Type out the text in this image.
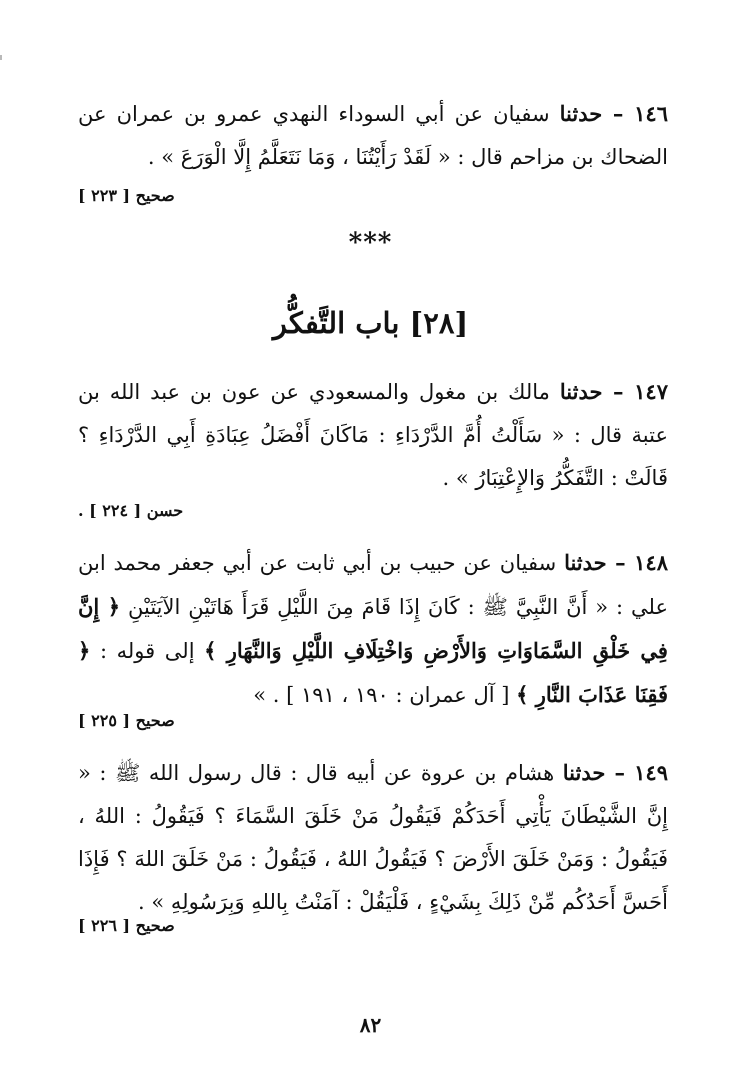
١٤٦ – حدثنا سفيان عن أبي السوداء النهدي عمرو بن عمران عن الضحاك بن مزاحم قال : « لَقَدْ رَأَيْتُنَا ، وَمَا نَتَعَلَّمُ إِلَّا الْوَرَعَ » .
صحيح [ ٢٢٣ ]
***
[٢٨] باب التَّفكُّر
١٤٧ – حدثنا مالك بن مغول والمسعودي عن عون بن عبد الله بن عتبة قال : « سَأَلْتُ أُمَّ الدَّرْدَاءِ : مَاكَانَ أَفْضَلُ عِبَادَةِ أَبِي الدَّرْدَاءِ ؟ قَالَتْ : التَّفَكُّرُ وَالإِعْتِبَارُ » .
حسن [ ٢٢٤ ] .
١٤٨ – حدثنا سفيان عن حبيب بن أبي ثابت عن أبي جعفر محمد ابن علي : « أَنَّ النَّبِيَّ ﷺ : كَانَ إِذَا قَامَ مِنَ اللَّيْلِ قَرَأَ هَاتَيْنِ الآيَتَيْنِ ﴿ إِنَّ فِي خَلْقِ السَّمَاوَاتِ وَالأَرْضِ وَاخْتِلَافِ اللَّيْلِ وَالنَّهَارِ ﴾ إلى قوله : ﴿ فَقِنَا عَذَابَ النَّارِ ﴾ [ آل عمران : ١٩٠ ، ١٩١ ] . »
صحيح [ ٢٢٥ ]
١٤٩ – حدثنا هشام بن عروة عن أبيه قال : قال رسول الله ﷺ : « إِنَّ الشَّيْطَانَ يَأْتِي أَحَدَكُمْ فَيَقُولُ مَنْ خَلَقَ السَّمَاءَ ؟ فَيَقُولُ : اللهُ ، فَيَقُولُ : وَمَنْ خَلَقَ الأَرْضَ ؟ فَيَقُولُ اللهُ ، فَيَقُولُ : مَنْ خَلَقَ اللهَ ؟ فَإِذَا أَحَسَّ أَحَدُكُم مِّنْ ذَلِكَ بِشَيْءٍ ، فَلْيَقُلْ : آمَنْتُ بِاللهِ وَبِرَسُولِهِ » .
صحيح [ ٢٢٦ ]
٨٢
